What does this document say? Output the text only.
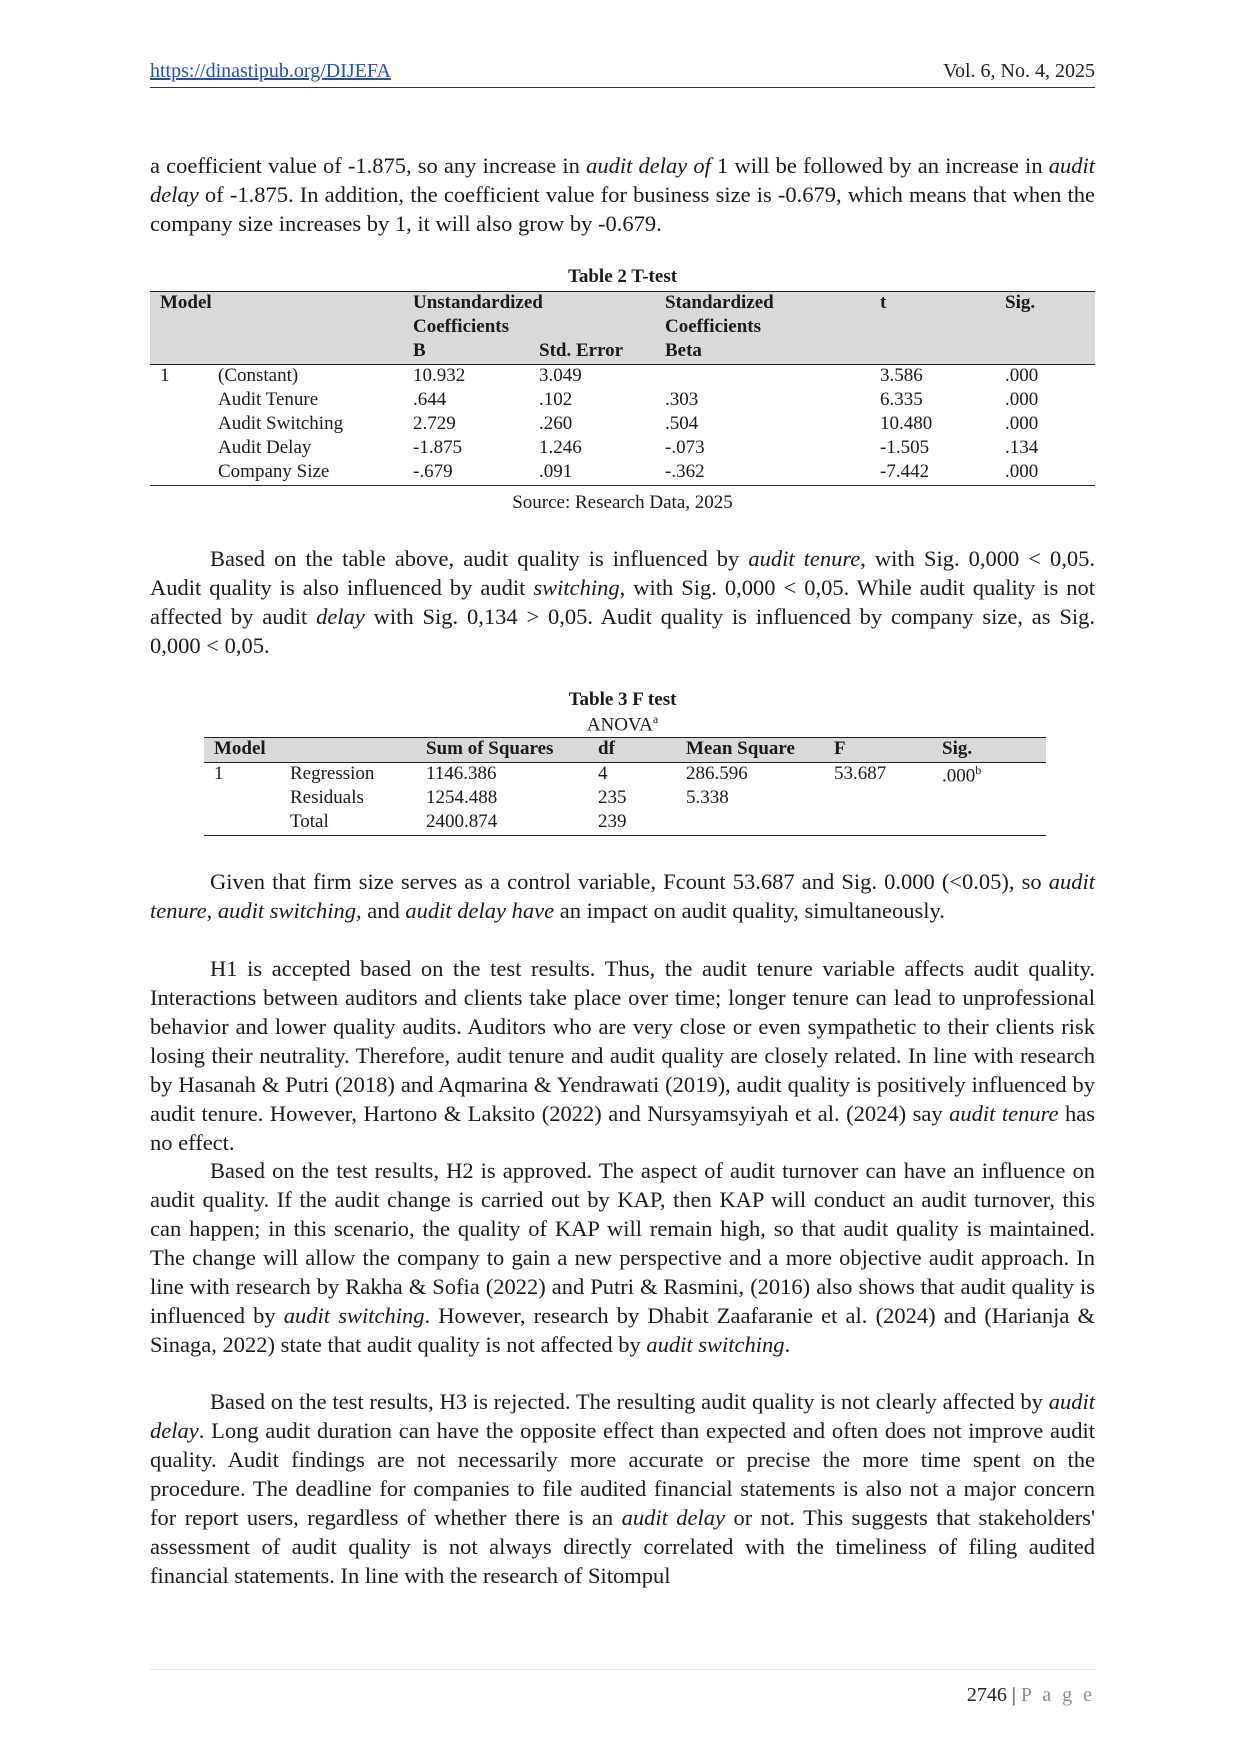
https://dinastipub.org/DIJEFA	Vol. 6, No. 4, 2025

a coefficient value of -1.875, so any increase in audit delay of 1 will be followed by an increase in audit delay of -1.875. In addition, the coefficient value for business size is -0.679, which means that when the company size increases by 1, it will also grow by -0.679.

Table 2 T-test
Model		Unstandardized		Standardized	t	Sig.
		Coefficients		Coefficients		
		B	Std. Error	Beta		
1	(Constant)	10.932	3.049		3.586	.000
	Audit Tenure	.644	.102	.303	6.335	.000
	Audit Switching	2.729	.260	.504	10.480	.000
	Audit Delay	-1.875	1.246	-.073	-1.505	.134
	Company Size	-.679	.091	-.362	-7.442	.000
Source: Research Data, 2025

Based on the table above, audit quality is influenced by audit tenure, with Sig. 0,000 < 0,05. Audit quality is also influenced by audit switching, with Sig. 0,000 < 0,05. While audit quality is not affected by audit delay with Sig. 0,134 > 0,05. Audit quality is influenced by company size, as Sig. 0,000 < 0,05.

Table 3 F test
ANOVA$^a$
Model		Sum of Squares	df	Mean Square	F	Sig.
1	Regression	1146.386	4	286.596	53.687	.000$^b$
	Residuals	1254.488	235	5.338		
	Total	2400.874	239			

Given that firm size serves as a control variable, Fcount 53.687 and Sig. 0.000 (<0.05), so audit tenure, audit switching, and audit delay have an impact on audit quality, simultaneously.

H1 is accepted based on the test results. Thus, the audit tenure variable affects audit quality. Interactions between auditors and clients take place over time; longer tenure can lead to unprofessional behavior and lower quality audits. Auditors who are very close or even sympathetic to their clients risk losing their neutrality. Therefore, audit tenure and audit quality are closely related. In line with research by Hasanah & Putri (2018) and Aqmarina & Yendrawati (2019), audit quality is positively influenced by audit tenure. However, Hartono & Laksito (2022) and Nursyamsyiyah et al. (2024) say audit tenure has no effect.

Based on the test results, H2 is approved. The aspect of audit turnover can have an influence on audit quality. If the audit change is carried out by KAP, then KAP will conduct an audit turnover, this can happen; in this scenario, the quality of KAP will remain high, so that audit quality is maintained. The change will allow the company to gain a new perspective and a more objective audit approach. In line with research by Rakha & Sofia (2022) and Putri & Rasmini, (2016) also shows that audit quality is influenced by audit switching. However, research by Dhabit Zaafaranie et al. (2024) and (Harianja & Sinaga, 2022) state that audit quality is not affected by audit switching.

Based on the test results, H3 is rejected. The resulting audit quality is not clearly affected by audit delay. Long audit duration can have the opposite effect than expected and often does not improve audit quality. Audit findings are not necessarily more accurate or precise the more time spent on the procedure. The deadline for companies to file audited financial statements is also not a major concern for report users, regardless of whether there is an audit delay or not. This suggests that stakeholders' assessment of audit quality is not always directly correlated with the timeliness of filing audited financial statements. In line with the research of Sitompul

2746 | P a g e
